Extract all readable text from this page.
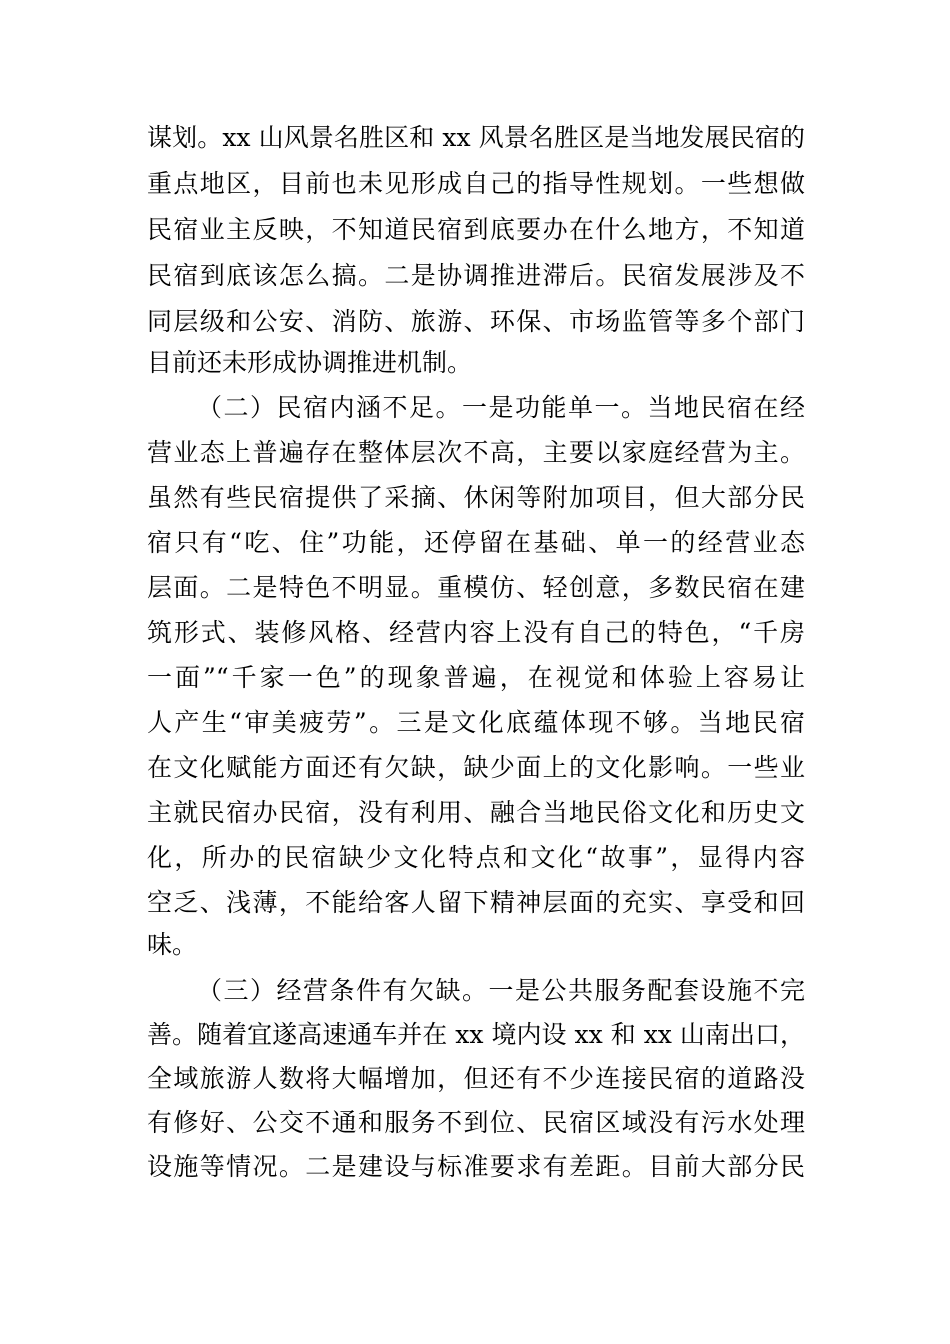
谋划。xx 山风景名胜区和 xx 风景名胜区是当地发展民宿的
重点地区，目前也未见形成自己的指导性规划。一些想做
民宿业主反映，不知道民宿到底要办在什么地方，不知道
民宿到底该怎么搞。二是协调推进滞后。民宿发展涉及不
同层级和公安、消防、旅游、环保、市场监管等多个部门
目前还未形成协调推进机制。
（二）民宿内涵不足。一是功能单一。当地民宿在经
营业态上普遍存在整体层次不高，主要以家庭经营为主。
虽然有些民宿提供了采摘、休闲等附加项目，但大部分民
宿只有“吃、住”功能，还停留在基础、单一的经营业态
层面。二是特色不明显。重模仿、轻创意，多数民宿在建
筑形式、装修风格、经营内容上没有自己的特色，“千房
一面”“千家一色”的现象普遍，在视觉和体验上容易让
人产生“审美疲劳”。三是文化底蕴体现不够。当地民宿
在文化赋能方面还有欠缺，缺少面上的文化影响。一些业
主就民宿办民宿，没有利用、融合当地民俗文化和历史文
化，所办的民宿缺少文化特点和文化“故事”，显得内容
空乏、浅薄，不能给客人留下精神层面的充实、享受和回
味。
（三）经营条件有欠缺。一是公共服务配套设施不完
善。随着宜遂高速通车并在 xx 境内设 xx 和 xx 山南出口，
全域旅游人数将大幅增加，但还有不少连接民宿的道路没
有修好、公交不通和服务不到位、民宿区域没有污水处理
设施等情况。二是建设与标准要求有差距。目前大部分民
